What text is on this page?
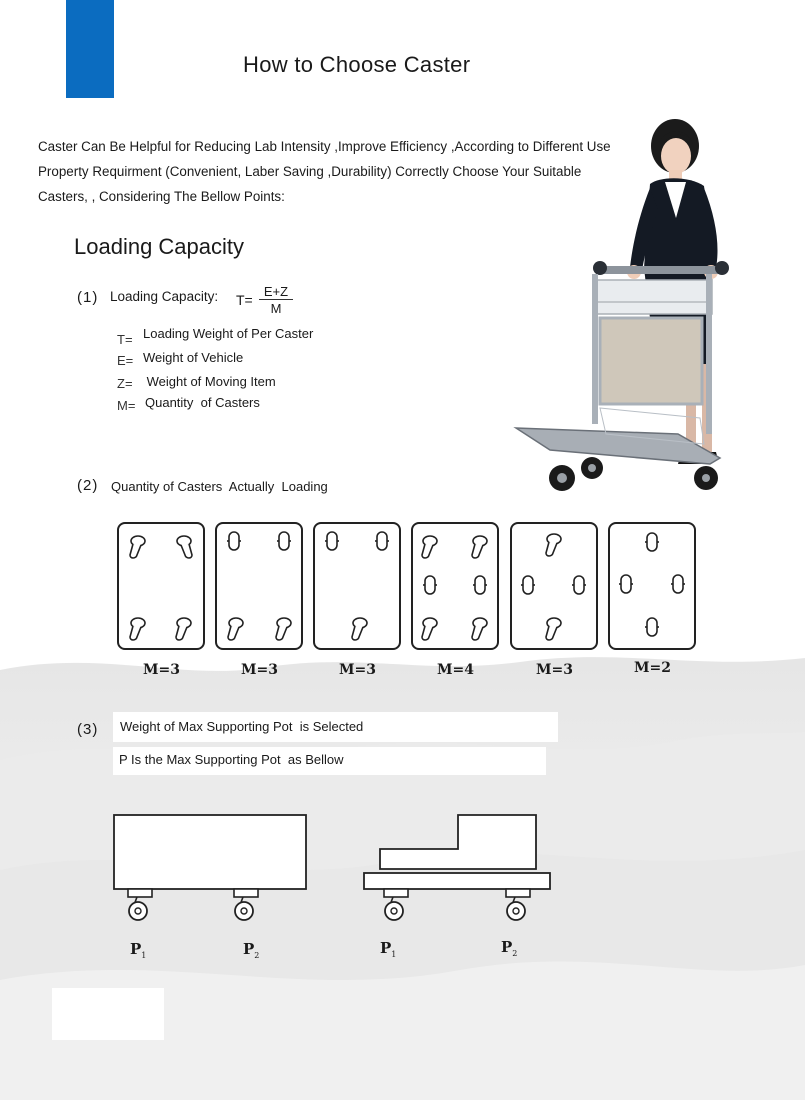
How to Choose Caster
Caster Can Be Helpful for Reducing Lab Intensity ,Improve Efficiency ,According to Different Use
Property Requirment (Convenient, Laber Saving ,Durability) Correctly Choose Your Suitable
Casters, , Considering The Bellow Points:
Loading Capacity
(1) Loading Capacity: $T= \frac{E+Z}{M}$
T= Loading Weight of Per Caster
E= Weight of Vehicle
Z= Weight of Moving Item
M= Quantity  of Casters
(2) Quantity of Casters  Actually  Loading
M=3	M=3	M=3	M=4	M=3	M=2
(3) Weight of Max Supporting Pot  is Selected
P Is the Max Supporting Pot  as Bellow
$P_1$	$P_2$	$P_1$	$P_2$
